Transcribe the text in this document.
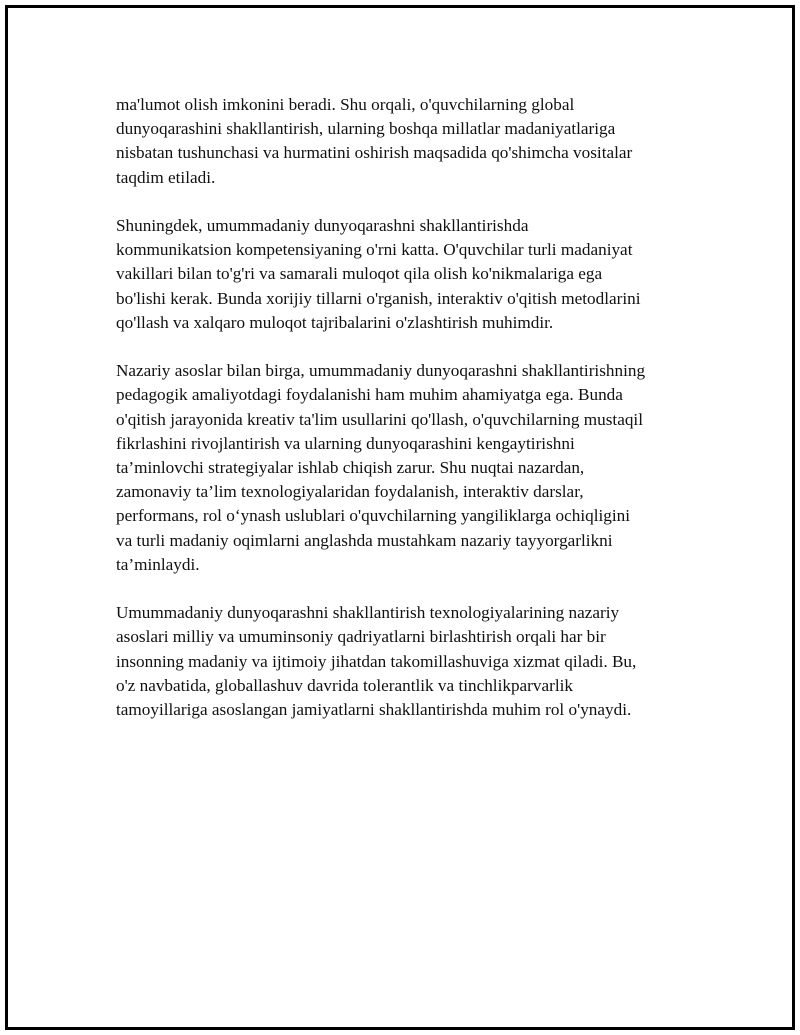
ma'lumot olish imkonini beradi. Shu orqali, o'quvchilarning global
dunyoqarashini shakllantirish, ularning boshqa millatlar madaniyatlariga
nisbatan tushunchasi va hurmatini oshirish maqsadida qo'shimcha vositalar
taqdim etiladi.

Shuningdek, umummadaniy dunyoqarashni shakllantirishda
kommunikatsion kompetensiyaning o'rni katta. O'quvchilar turli madaniyat
vakillari bilan to'g'ri va samarali muloqot qila olish ko'nikmalariga ega
bo'lishi kerak. Bunda xorijiy tillarni o'rganish, interaktiv o'qitish metodlarini
qo'llash va xalqaro muloqot tajribalarini o'zlashtirish muhimdir.

Nazariy asoslar bilan birga, umummadaniy dunyoqarashni shakllantirishning
pedagogik amaliyotdagi foydalanishi ham muhim ahamiyatga ega. Bunda
o'qitish jarayonida kreativ ta'lim usullarini qo'llash, o'quvchilarning mustaqil
fikrlashini rivojlantirish va ularning dunyoqarashini kengaytirishni
ta’minlovchi strategiyalar ishlab chiqish zarur. Shu nuqtai nazardan,
zamonaviy ta’lim texnologiyalaridan foydalanish, interaktiv darslar,
performans, rol o‘ynash uslublari o'quvchilarning yangiliklarga ochiqligini
va turli madaniy oqimlarni anglashda mustahkam nazariy tayyorgarlikni
ta’minlaydi.

Umummadaniy dunyoqarashni shakllantirish texnologiyalarining nazariy
asoslari milliy va umuminsoniy qadriyatlarni birlashtirish orqali har bir
insonning madaniy va ijtimoiy jihatdan takomillashuviga xizmat qiladi. Bu,
o'z navbatida, globallashuv davrida tolerantlik va tinchlikparvarlik
tamoyillariga asoslangan jamiyatlarni shakllantirishda muhim rol o'ynaydi.
